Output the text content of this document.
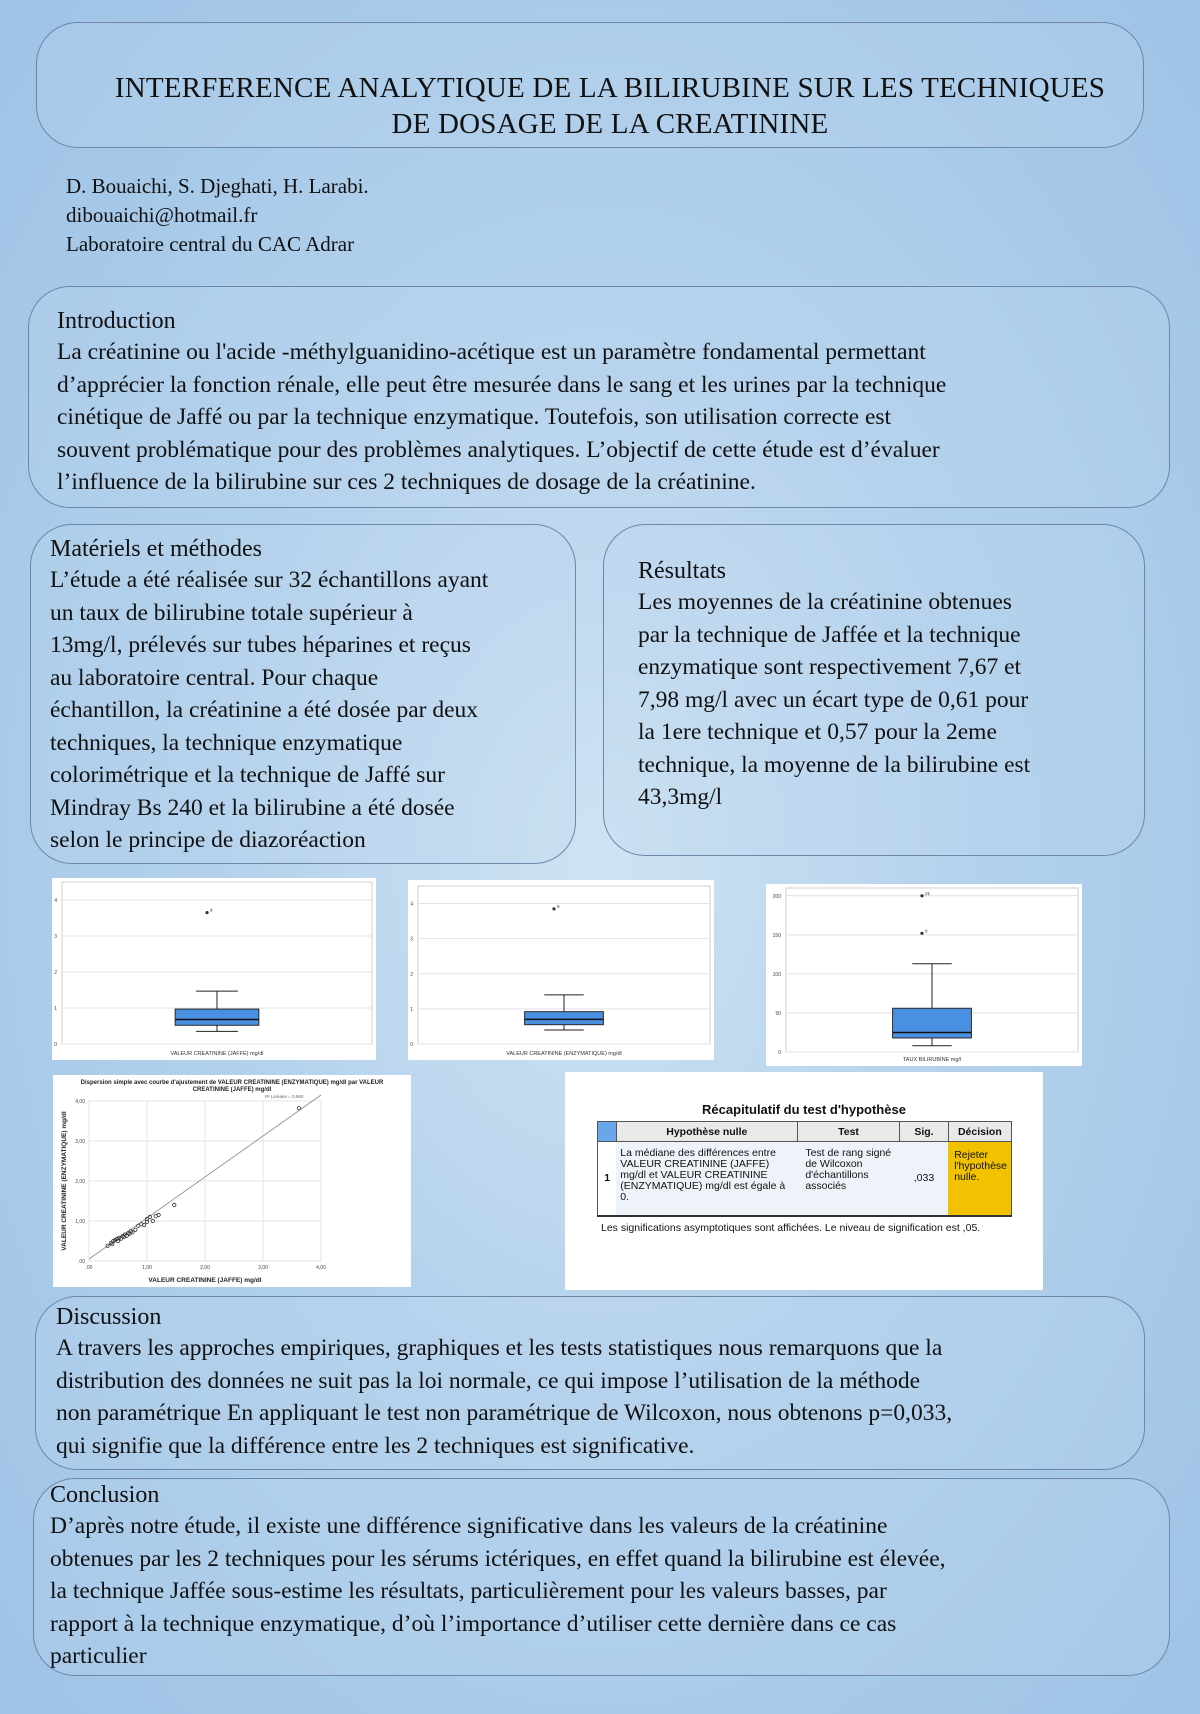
INTERFERENCE ANALYTIQUE DE LA BILIRUBINE SUR LES TECHNIQUES
DE DOSAGE DE LA CREATININE
D. Bouaichi, S. Djeghati, H. Larabi.
dibouaichi@hotmail.fr
Laboratoire central du CAC Adrar
Introduction
La créatinine ou l'acide -méthylguanidino-acétique est un paramètre fondamental permettant
d’apprécier la fonction rénale, elle peut être mesurée dans le sang et les urines par la technique
cinétique de Jaffé ou par la technique enzymatique. Toutefois, son utilisation correcte est
souvent problématique pour des problèmes analytiques. L’objectif de cette étude est d’évaluer
l’influence de la bilirubine sur ces 2 techniques de dosage de la créatinine.
Matériels et méthodes
L’étude a été réalisée sur 32 échantillons ayant
un taux de bilirubine totale supérieur à
13mg/l, prélevés sur tubes héparines et reçus
au laboratoire central. Pour chaque
échantillon, la créatinine a été dosée par deux
techniques, la technique enzymatique
colorimétrique et la technique de Jaffé sur
Mindray Bs 240 et la bilirubine a été dosée
selon le principe de diazoréaction
Résultats
Les moyennes de la créatinine obtenues
par la technique de Jaffée et la technique
enzymatique sont respectivement 7,67 et
7,98 mg/l avec un écart type de 0,61 pour
la 1ere technique et 0,57 pour la 2eme
technique, la moyenne de la bilirubine est
43,3mg/l
0
1
2
3
4
9
VALEUR CREATININE (JAFFE) mg/dl
0
1
2
3
4	9
VALEUR CREATININE (ENZYMATIQUE) mg/dl	0
50
100
150
200
9
21
TAUX BILIRUBINE mg/l
Dispersion simple avec courbe d'ajustement de VALEUR CREATININE (ENZYMATIQUE) mg/dl par VALEUR
CREATININE (JAFFE) mg/dl
.00
.00
1,00
1,00
2,00
2,00
3,00
3,00
4,00
4,00
R² Linéaire = 0,960
VALEUR CREATININE (JAFFE) mg/dl
VALEUR CREATININE (ENZYMATIQUE) mg/dl
Récapitulatif du test d'hypothèse
	Hypothèse nulle	Test	Sig.	Décision
1	La médiane des différences entre VALEUR CREATININE (JAFFE) mg/dl et VALEUR CREATININE (ENZYMATIQUE) mg/dl est égale à 0.	Test de rang signé de Wilcoxon d'échantillons associés	,033	Rejeter l'hypothèse nulle.
Les significations asymptotiques sont affichées. Le niveau de signification est ,05.
Discussion
A travers les approches empiriques, graphiques et les tests statistiques nous remarquons que la
distribution des données ne suit pas la loi normale, ce qui impose l’utilisation de la méthode
non paramétrique En appliquant le test non paramétrique de Wilcoxon, nous obtenons p=0,033,
qui signifie que la différence entre les 2 techniques est significative.
Conclusion
D’après notre étude, il existe une différence significative dans les valeurs de la créatinine
obtenues par les 2 techniques pour les sérums ictériques, en effet quand la bilirubine est élevée,
la technique Jaffée sous-estime les résultats, particulièrement pour les valeurs basses, par
rapport à la technique enzymatique, d’où l’importance d’utiliser cette dernière dans ce cas
particulier
